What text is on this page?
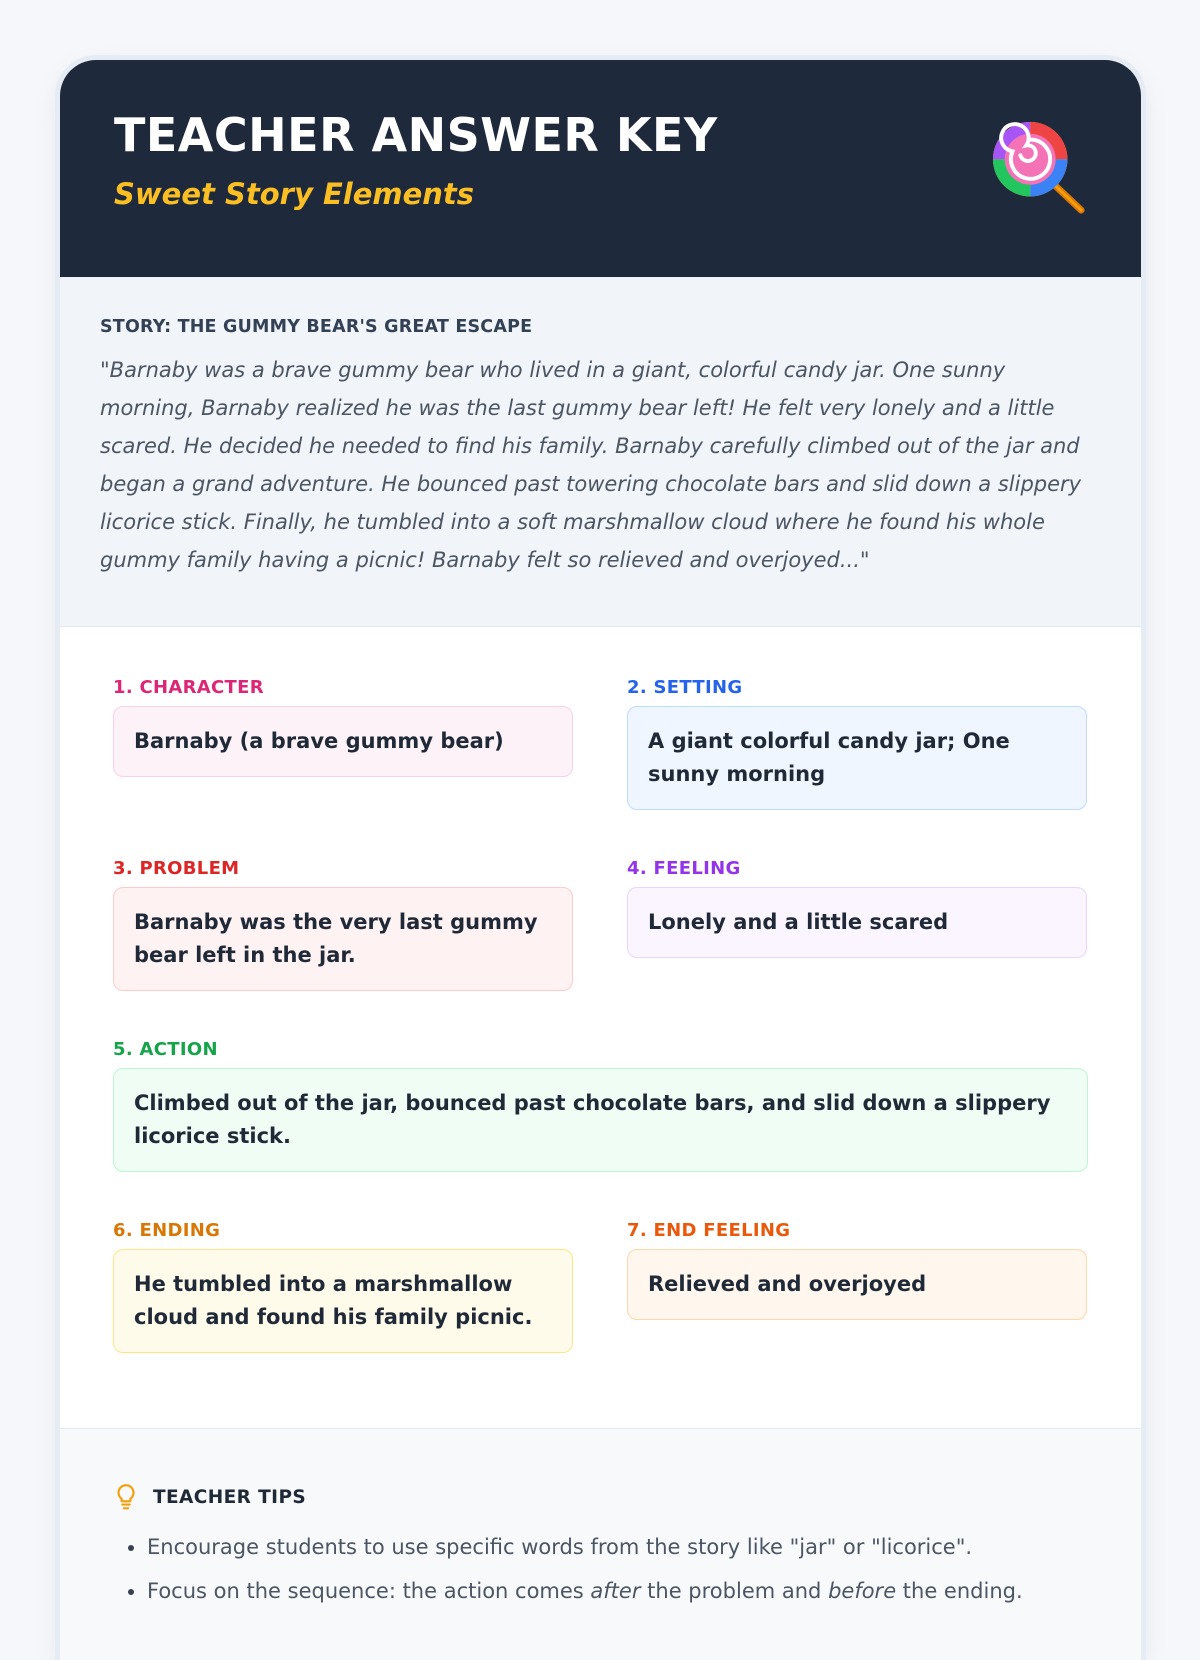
TEACHER ANSWER KEY

Sweet Story Elements

STORY: THE GUMMY BEAR'S GREAT ESCAPE

"Barnaby was a brave gummy bear who lived in a giant, colorful candy jar. One sunny morning, Barnaby realized he was the last gummy bear left! He felt very lonely and a little scared. He decided he needed to find his family. Barnaby carefully climbed out of the jar and began a grand adventure. He bounced past towering chocolate bars and slid down a slippery licorice stick. Finally, he tumbled into a soft marshmallow cloud where he found his whole gummy family having a picnic! Barnaby felt so relieved and overjoyed..."

1. CHARACTER

Barnaby (a brave gummy bear)

2. SETTING

A giant colorful candy jar; One sunny morning

3. PROBLEM

Barnaby was the very last gummy bear left in the jar.

4. FEELING

Lonely and a little scared

5. ACTION

Climbed out of the jar, bounced past chocolate bars, and slid down a slippery licorice stick.

6. ENDING

He tumbled into a marshmallow cloud and found his family picnic.

7. END FEELING

Relieved and overjoyed
TEACHER TIPS
• Encourage students to use specific words from the story like "jar" or "licorice".
• Focus on the sequence: the action comes after the problem and before the ending.
